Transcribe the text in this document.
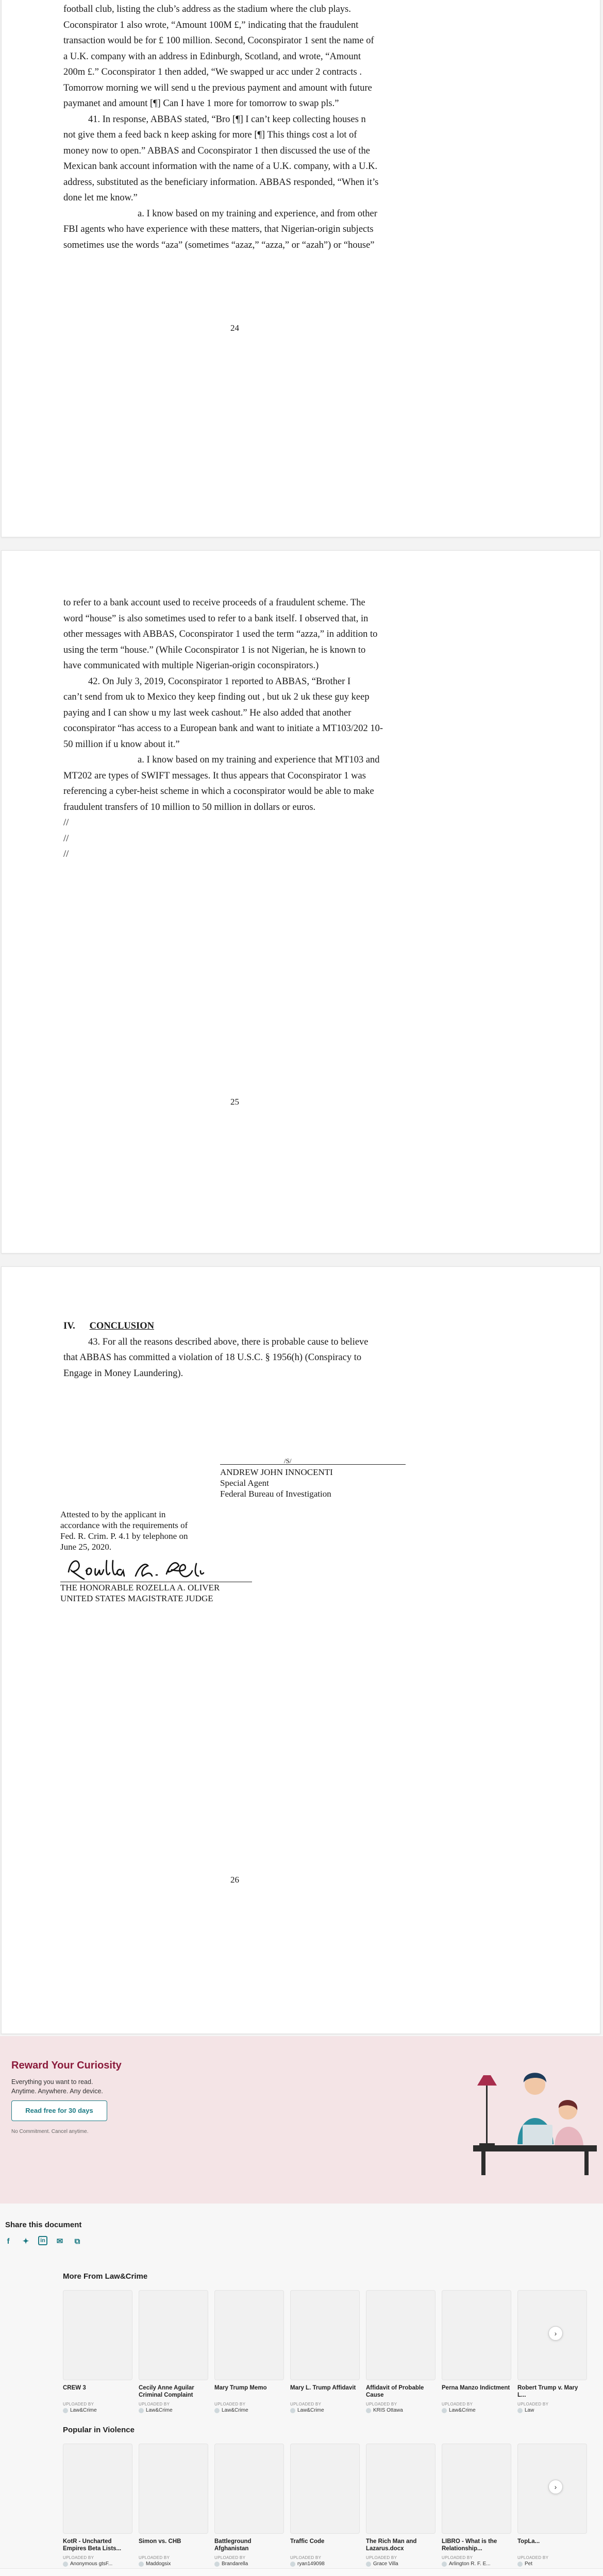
football club, listing the club’s address as the stadium where the club plays.

Coconspirator 1 also wrote, “Amount 100M £,” indicating that the fraudulent

transaction would be for £ 100 million. Second, Coconspirator 1 sent the name of

a U.K. company with an address in Edinburgh, Scotland, and wrote, “Amount

200m £.” Coconspirator 1 then added, “We swapped ur acc under 2 contracts .

Tomorrow morning we will send u the previous payment and amount with future

paymanet and amount [¶] Can I have 1 more for tomorrow to swap pls.”

41. In response, ABBAS stated, “Bro [¶] I can’t keep collecting houses n

not give them a feed back n keep asking for more [¶] This things cost a lot of

money now to open.” ABBAS and Coconspirator 1 then discussed the use of the

Mexican bank account information with the name of a U.K. company, with a U.K.

address, substituted as the beneficiary information. ABBAS responded, “When it’s

done let me know.”

a. I know based on my training and experience, and from other

FBI agents who have experience with these matters, that Nigerian-origin subjects

sometimes use the words “aza” (sometimes “azaz,” “azza,” or “azah”) or “house”

24

to refer to a bank account used to receive proceeds of a fraudulent scheme. The

word “house” is also sometimes used to refer to a bank itself. I observed that, in

other messages with ABBAS, Coconspirator 1 used the term “azza,” in addition to

using the term “house.” (While Coconspirator 1 is not Nigerian, he is known to

have communicated with multiple Nigerian-origin coconspirators.)

42. On July 3, 2019, Coconspirator 1 reported to ABBAS, “Brother I

can’t send from uk to Mexico they keep finding out , but uk 2 uk these guy keep

paying and I can show u my last week cashout.” He also added that another

coconspirator “has access to a European bank and want to initiate a MT103/202 10-

50 million if u know about it.”

a. I know based on my training and experience that MT103 and

MT202 are types of SWIFT messages. It thus appears that Coconspirator 1 was

referencing a cyber-heist scheme in which a coconspirator would be able to make

fraudulent transfers of 10 million to 50 million in dollars or euros.

//

//

//

25

IV. CONCLUSION

43. For all the reasons described above, there is probable cause to believe

that ABBAS has committed a violation of 18 U.S.C. § 1956(h) (Conspiracy to

Engage in Money Laundering).

/S/
ANDREW JOHN INNOCENTI
Special Agent
Federal Bureau of Investigation
Attested to by the applicant in
accordance with the requirements of
Fed. R. Crim. P. 4.1 by telephone on
June 25, 2020.
THE HONORABLE ROZELLA A. OLIVER
UNITED STATES MAGISTRATE JUDGE
26
Reward Your Curiosity
Everything you want to read.
Anytime. Anywhere. Any device.
Read free for 30 days
No Commitment. Cancel anytime.
Share this document
f	✦	in ✉	⧉
More From Law&Crime
CREW 3
UPLOADED BY
Law&Crime
Cecily Anne Aguilar Criminal Complaint
UPLOADED BY
Law&Crime
Mary Trump Memo
UPLOADED BY
Law&Crime
Mary L. Trump Affidavit
UPLOADED BY
Law&Crime
Affidavit of Probable Cause
UPLOADED BY
KRIS Ottawa
Perna Manzo Indictment
UPLOADED BY
Law&Crime
Robert Trump v. Mary L...
UPLOADED BY
Law
›
Popular in Violence
KotR - Uncharted Empires Beta Lists...
UPLOADED BY
Anonymous gtsF...
Simon vs. CHB
UPLOADED BY
Maddogsix
Battleground Afghanistan
UPLOADED BY
Brandarella
Traffic Code
UPLOADED BY
ryan149098
The Rich Man and Lazarus.docx
UPLOADED BY
Grace Villa
LIBRO - What is the Relationship...
UPLOADED BY
Arlington R. F. E...
TopLa...
UPLOADED BY
Pet
›
